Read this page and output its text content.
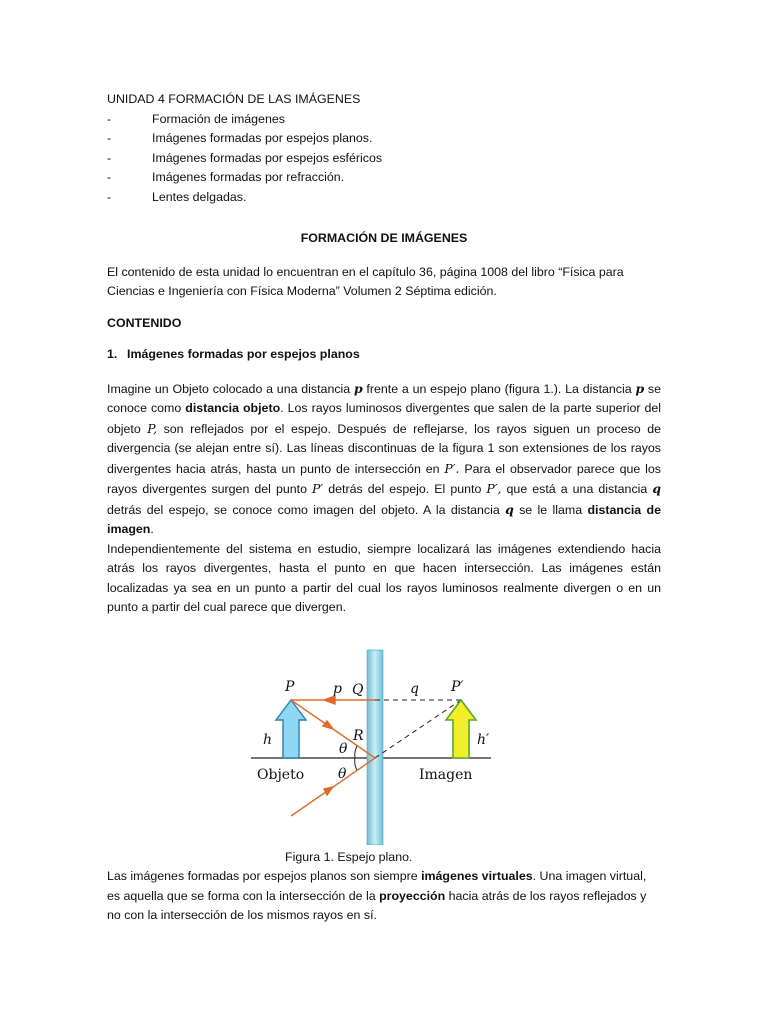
UNIDAD 4 FORMACIÓN DE LAS IMÁGENES

-	Formación de imágenes
-	Imágenes formadas por espejos planos.
-	Imágenes formadas por espejos esféricos
-	Imágenes formadas por refracción.
-	Lentes delgadas.

FORMACIÓN DE IMÁGENES

El contenido de esta unidad lo encuentran en el capítulo 36, página 1008 del libro “Física para Ciencias e Ingeniería con Física Moderna” Volumen 2 Séptima edición.

CONTENIDO

1. Imágenes formadas por espejos planos

Imagine un Objeto colocado a una distancia p frente a un espejo plano (figura 1.). La distancia p se conoce como distancia objeto. Los rayos luminosos divergentes que salen de la parte superior del objeto P, son reflejados por el espejo. Después de reflejarse, los rayos siguen un proceso de divergencia (se alejan entre sí). Las líneas discontinuas de la figura 1 son extensiones de los rayos divergentes hacia atrás, hasta un punto de intersección en P′. Para el observador parece que los rayos divergentes surgen del punto P′ detrás del espejo. El punto P′, que está a una distancia q detrás del espejo, se conoce como imagen del objeto. A la distancia q se le llama distancia de imagen.

Independientemente del sistema en estudio, siempre localizará las imágenes extendiendo hacia atrás los rayos divergentes, hasta el punto en que hacen intersección. Las imágenes están localizadas ya sea en un punto a partir del cual los rayos luminosos realmente divergen o en un punto a partir del cual parece que divergen.

P	p Q	q P′
h	R	h′
θ
θ
Objeto	Imagen

Figura 1. Espejo plano.

Las imágenes formadas por espejos planos son siempre imágenes virtuales. Una imagen virtual, es aquella que se forma con la intersección de la proyección hacia atrás de los rayos reflejados y no con la intersección de los mismos rayos en sí.
